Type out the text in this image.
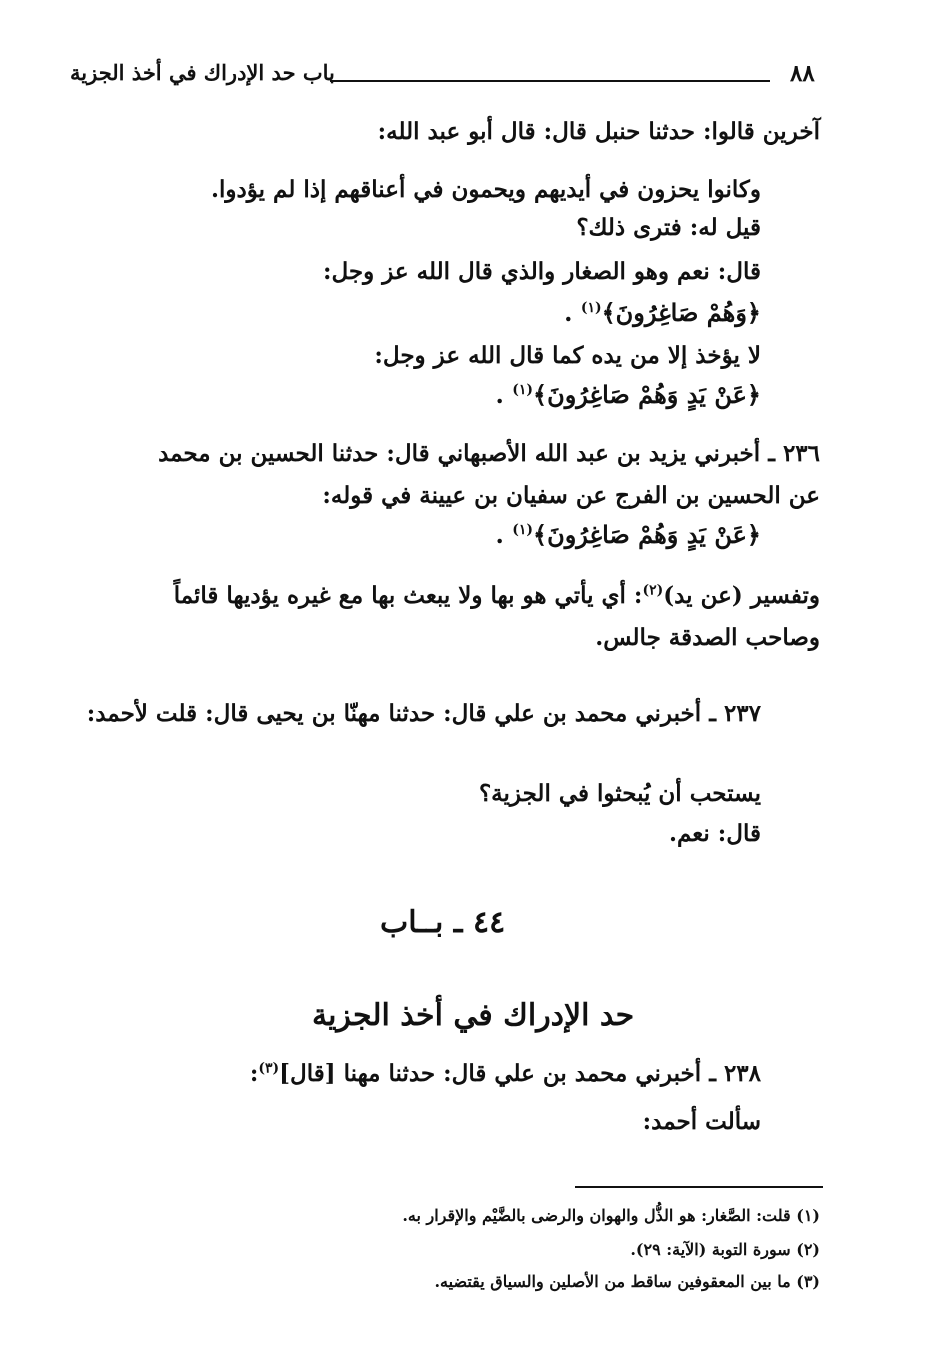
٨٨
باب حد الإدراك في أخذ الجزية
آخرين قالوا: حدثنا حنبل قال: قال أبو عبد الله:
وكانوا يحزون في أيديهم ويحمون في أعناقهم إذا لم يؤدوا.
قيل له: فترى ذلك؟
قال: نعم وهو الصغار والذي قال الله عز وجل:
﴿وَهُمْ صَاغِرُونَ﴾$^{(١)}$ .
لا يؤخذ إلا من يده كما قال الله عز وجل:
﴿عَنْ يَدٍ وَهُمْ صَاغِرُونَ﴾$^{(١)}$ .
٢٣٦ ـ أخبرني يزيد بن عبد الله الأصبهاني قال: حدثنا الحسين بن محمد
عن الحسين بن الفرج عن سفيان بن عيينة في قوله:
﴿عَنْ يَدٍ وَهُمْ صَاغِرُونَ﴾$^{(١)}$ .
وتفسير (عن يد)$^{(٢)}$: أي يأتي هو بها ولا يبعث بها مع غيره يؤديها قائماً
وصاحب الصدقة جالس.
٢٣٧ ـ أخبرني محمد بن علي قال: حدثنا مهنّا بن يحيى قال: قلت لأحمد:
يستحب أن يُبحثوا في الجزية؟
قال: نعم.
٤٤ ـ بــاب
حد الإدراك في أخذ الجزية
٢٣٨ ـ أخبرني محمد بن علي قال: حدثنا مهنا [قال]$^{(٣)}$:
سألت أحمد:
(١) قلت: الصَّغار: هو الذُّل والهوان والرضى بالضَّيْم والإقرار به.
(٢) سورة التوبة (الآية: ٢٩).
(٣) ما بين المعقوفين ساقط من الأصلين والسياق يقتضيه.
